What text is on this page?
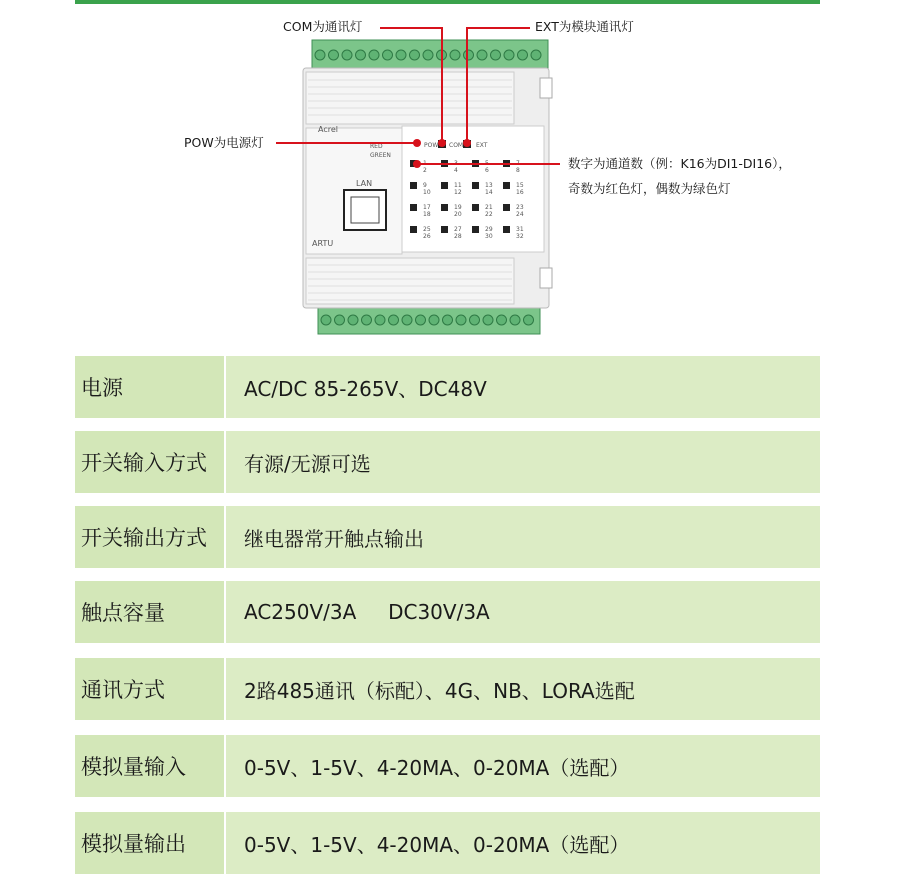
1
2
3
4
5
6
7
8
9
10
11
12
13
14
15
16
17
18
19
20
21
22
23
24
25
26
27
28
29
30
31
32
LAN
ARTU
Acrel
RED
GREEN
POW COM EXT
COM为通讯灯	EXT为模块通讯灯
POW为电源灯
数字为通道数（例：K16为DI1-DI16），
奇数为红色灯，偶数为绿色灯
电源	AC/DC 85-265V、DC48V
开关输入方式	有源/无源可选
开关输出方式	继电器常开触点输出
触点容量	AC250V/3A     DC30V/3A
通讯方式	2路485通讯（标配）、4G、NB、LORA选配
模拟量输入	0-5V、1-5V、4-20MA、0-20MA（选配）
模拟量输出	0-5V、1-5V、4-20MA、0-20MA（选配）
